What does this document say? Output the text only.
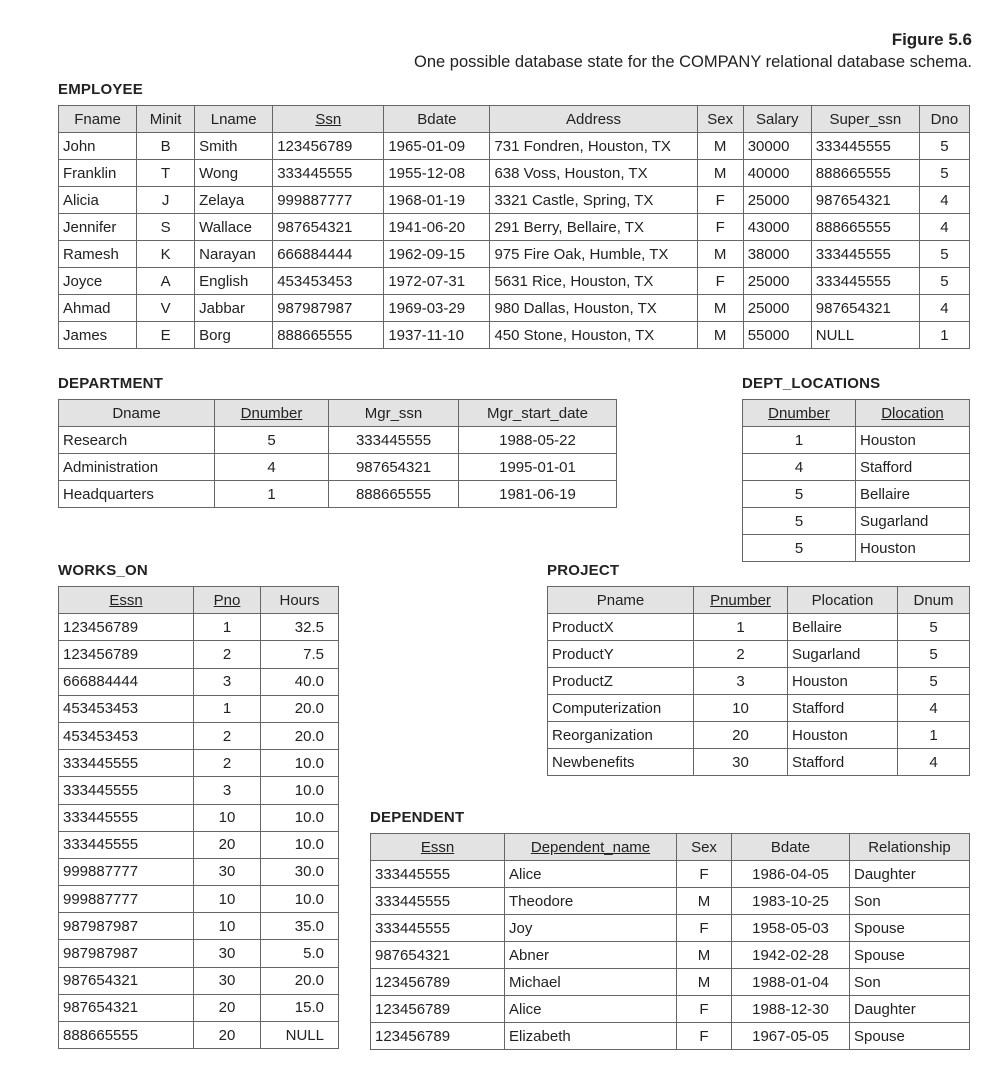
Figure 5.6
One possible database state for the COMPANY relational database schema.
EMPLOYEE
Fname	Minit	Lname	Ssn	Bdate	Address	Sex	Salary	Super_ssn	Dno
John	B	Smith	123456789	1965-01-09	731 Fondren, Houston, TX	M	30000	333445555	5
Franklin	T	Wong	333445555	1955-12-08	638 Voss, Houston, TX	M	40000	888665555	5
Alicia	J	Zelaya	999887777	1968-01-19	3321 Castle, Spring, TX	F	25000	987654321	4
Jennifer	S	Wallace	987654321	1941-06-20	291 Berry, Bellaire, TX	F	43000	888665555	4
Ramesh	K	Narayan	666884444	1962-09-15	975 Fire Oak, Humble, TX	M	38000	333445555	5
Joyce	A	English	453453453	1972-07-31	5631 Rice, Houston, TX	F	25000	333445555	5
Ahmad	V	Jabbar	987987987	1969-03-29	980 Dallas, Houston, TX	M	25000	987654321	4
James	E	Borg	888665555	1937-11-10	450 Stone, Houston, TX	M	55000	NULL	1
DEPARTMENT
Dname	Dnumber	Mgr_ssn	Mgr_start_date
Research	5	333445555	1988-05-22
Administration	4	987654321	1995-01-01
Headquarters	1	888665555	1981-06-19
DEPT_LOCATIONS
Dnumber	Dlocation
1	Houston
4	Stafford
5	Bellaire
5	Sugarland
5	Houston
WORKS_ON
Essn	Pno	Hours
123456789	1	32.5
123456789	2	7.5
666884444	3	40.0
453453453	1	20.0
453453453	2	20.0
333445555	2	10.0
333445555	3	10.0
333445555	10	10.0
333445555	20	10.0
999887777	30	30.0
999887777	10	10.0
987987987	10	35.0
987987987	30	5.0
987654321	30	20.0
987654321	20	15.0
888665555	20	NULL
PROJECT
Pname	Pnumber	Plocation	Dnum
ProductX	1	Bellaire	5
ProductY	2	Sugarland	5
ProductZ	3	Houston	5
Computerization	10	Stafford	4
Reorganization	20	Houston	1
Newbenefits	30	Stafford	4
DEPENDENT
Essn	Dependent_name	Sex	Bdate	Relationship
333445555	Alice	F	1986-04-05	Daughter
333445555	Theodore	M	1983-10-25	Son
333445555	Joy	F	1958-05-03	Spouse
987654321	Abner	M	1942-02-28	Spouse
123456789	Michael	M	1988-01-04	Son
123456789	Alice	F	1988-12-30	Daughter
123456789	Elizabeth	F	1967-05-05	Spouse
